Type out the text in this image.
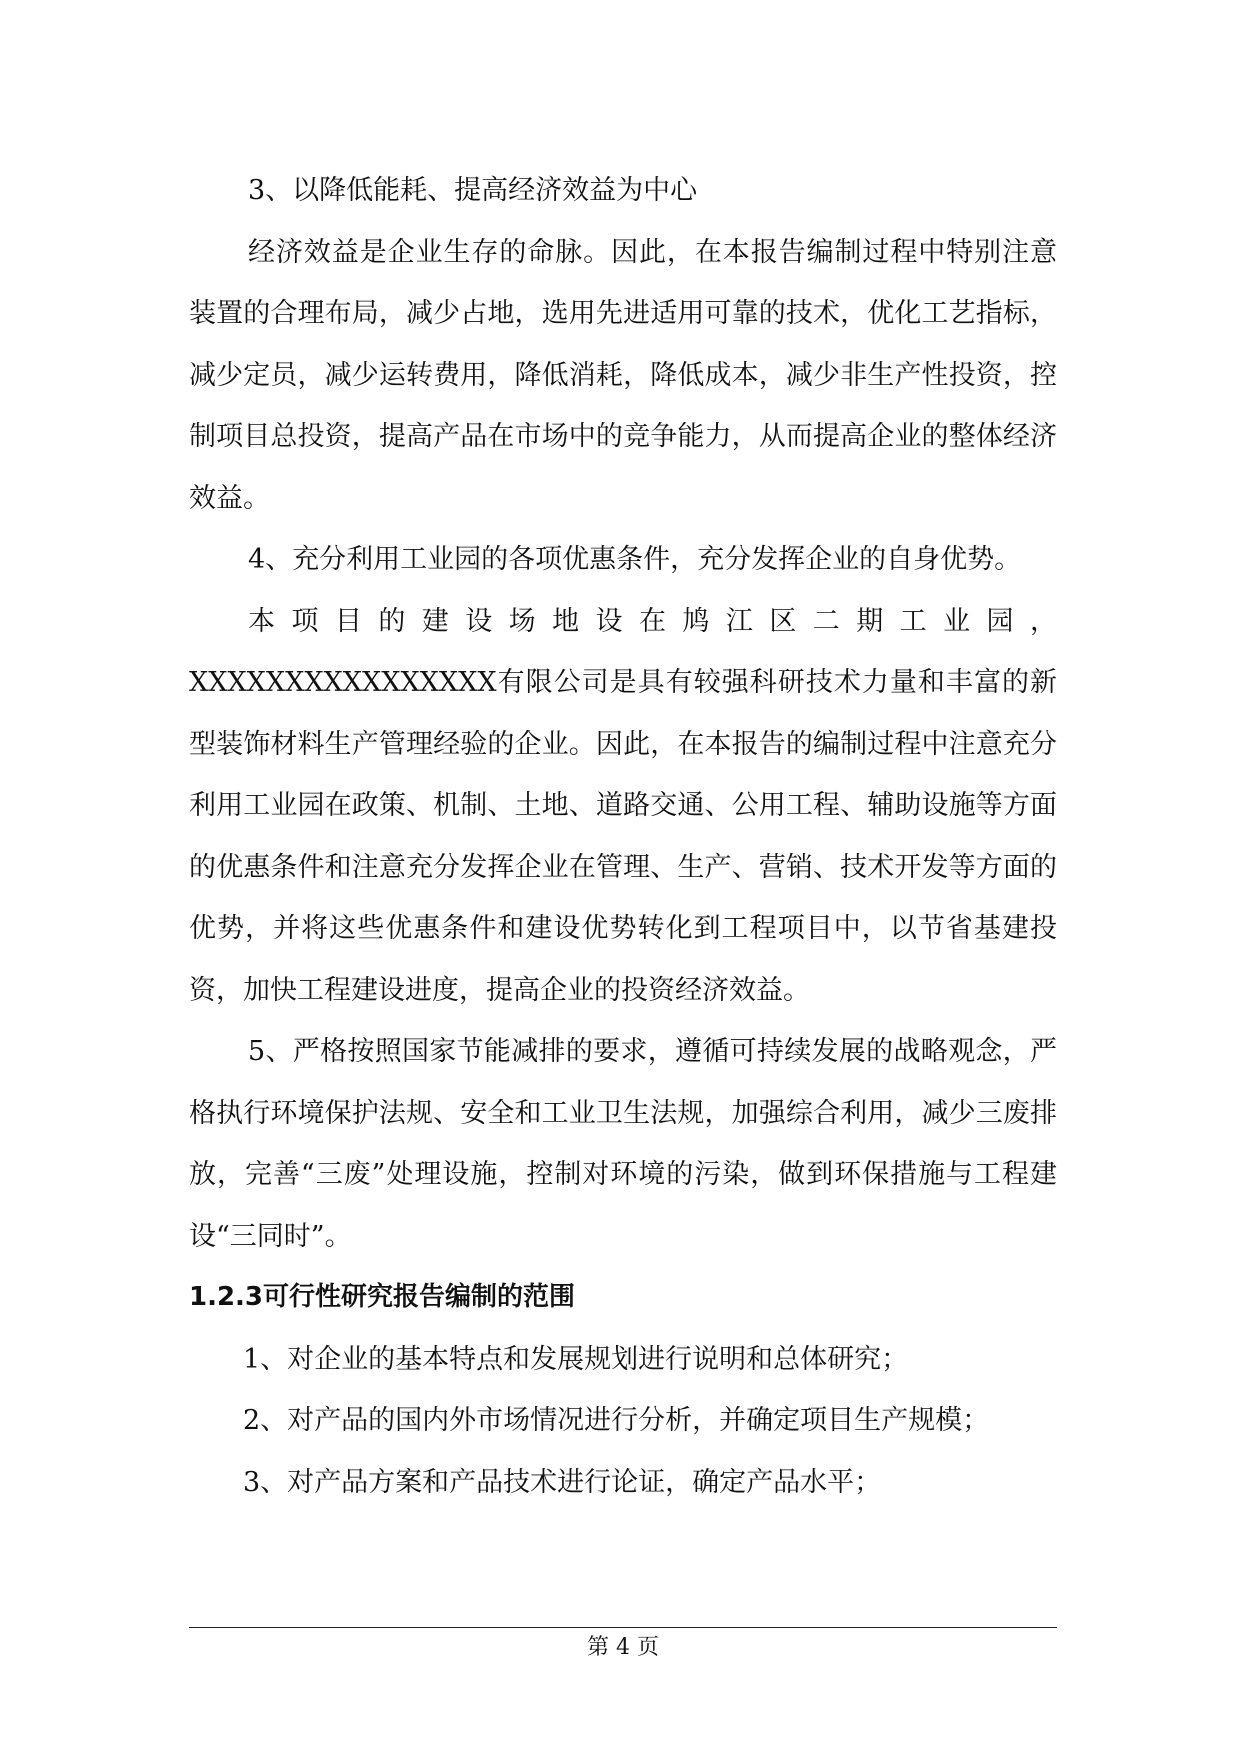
3、以降低能耗、提高经济效益为中心

经济效益是企业生存的命脉。因此，在本报告编制过程中特别注意装置的合理布局，减少占地，选用先进适用可靠的技术，优化工艺指标，减少定员，减少运转费用，降低消耗，降低成本，减少非生产性投资，控制项目总投资，提高产品在市场中的竞争能力，从而提高企业的整体经济效益。

4、充分利用工业园的各项优惠条件，充分发挥企业的自身优势。

本项目的建设场地设在鸠江区二期工业园，XXXXXXXXXXXXXXXX有限公司是具有较强科研技术力量和丰富的新型装饰材料生产管理经验的企业。因此，在本报告的编制过程中注意充分利用工业园在政策、机制、土地、道路交通、公用工程、辅助设施等方面的优惠条件和注意充分发挥企业在管理、生产、营销、技术开发等方面的优势，并将这些优惠条件和建设优势转化到工程项目中，以节省基建投资，加快工程建设进度，提高企业的投资经济效益。

5、严格按照国家节能减排的要求，遵循可持续发展的战略观念，严格执行环境保护法规、安全和工业卫生法规，加强综合利用，减少三废排放，完善“三废”处理设施，控制对环境的污染，做到环保措施与工程建设“三同时”。

1.2.3可行性研究报告编制的范围

1、对企业的基本特点和发展规划进行说明和总体研究；

2、对产品的国内外市场情况进行分析，并确定项目生产规模；

3、对产品方案和产品技术进行论证，确定产品水平；

第 4 页
